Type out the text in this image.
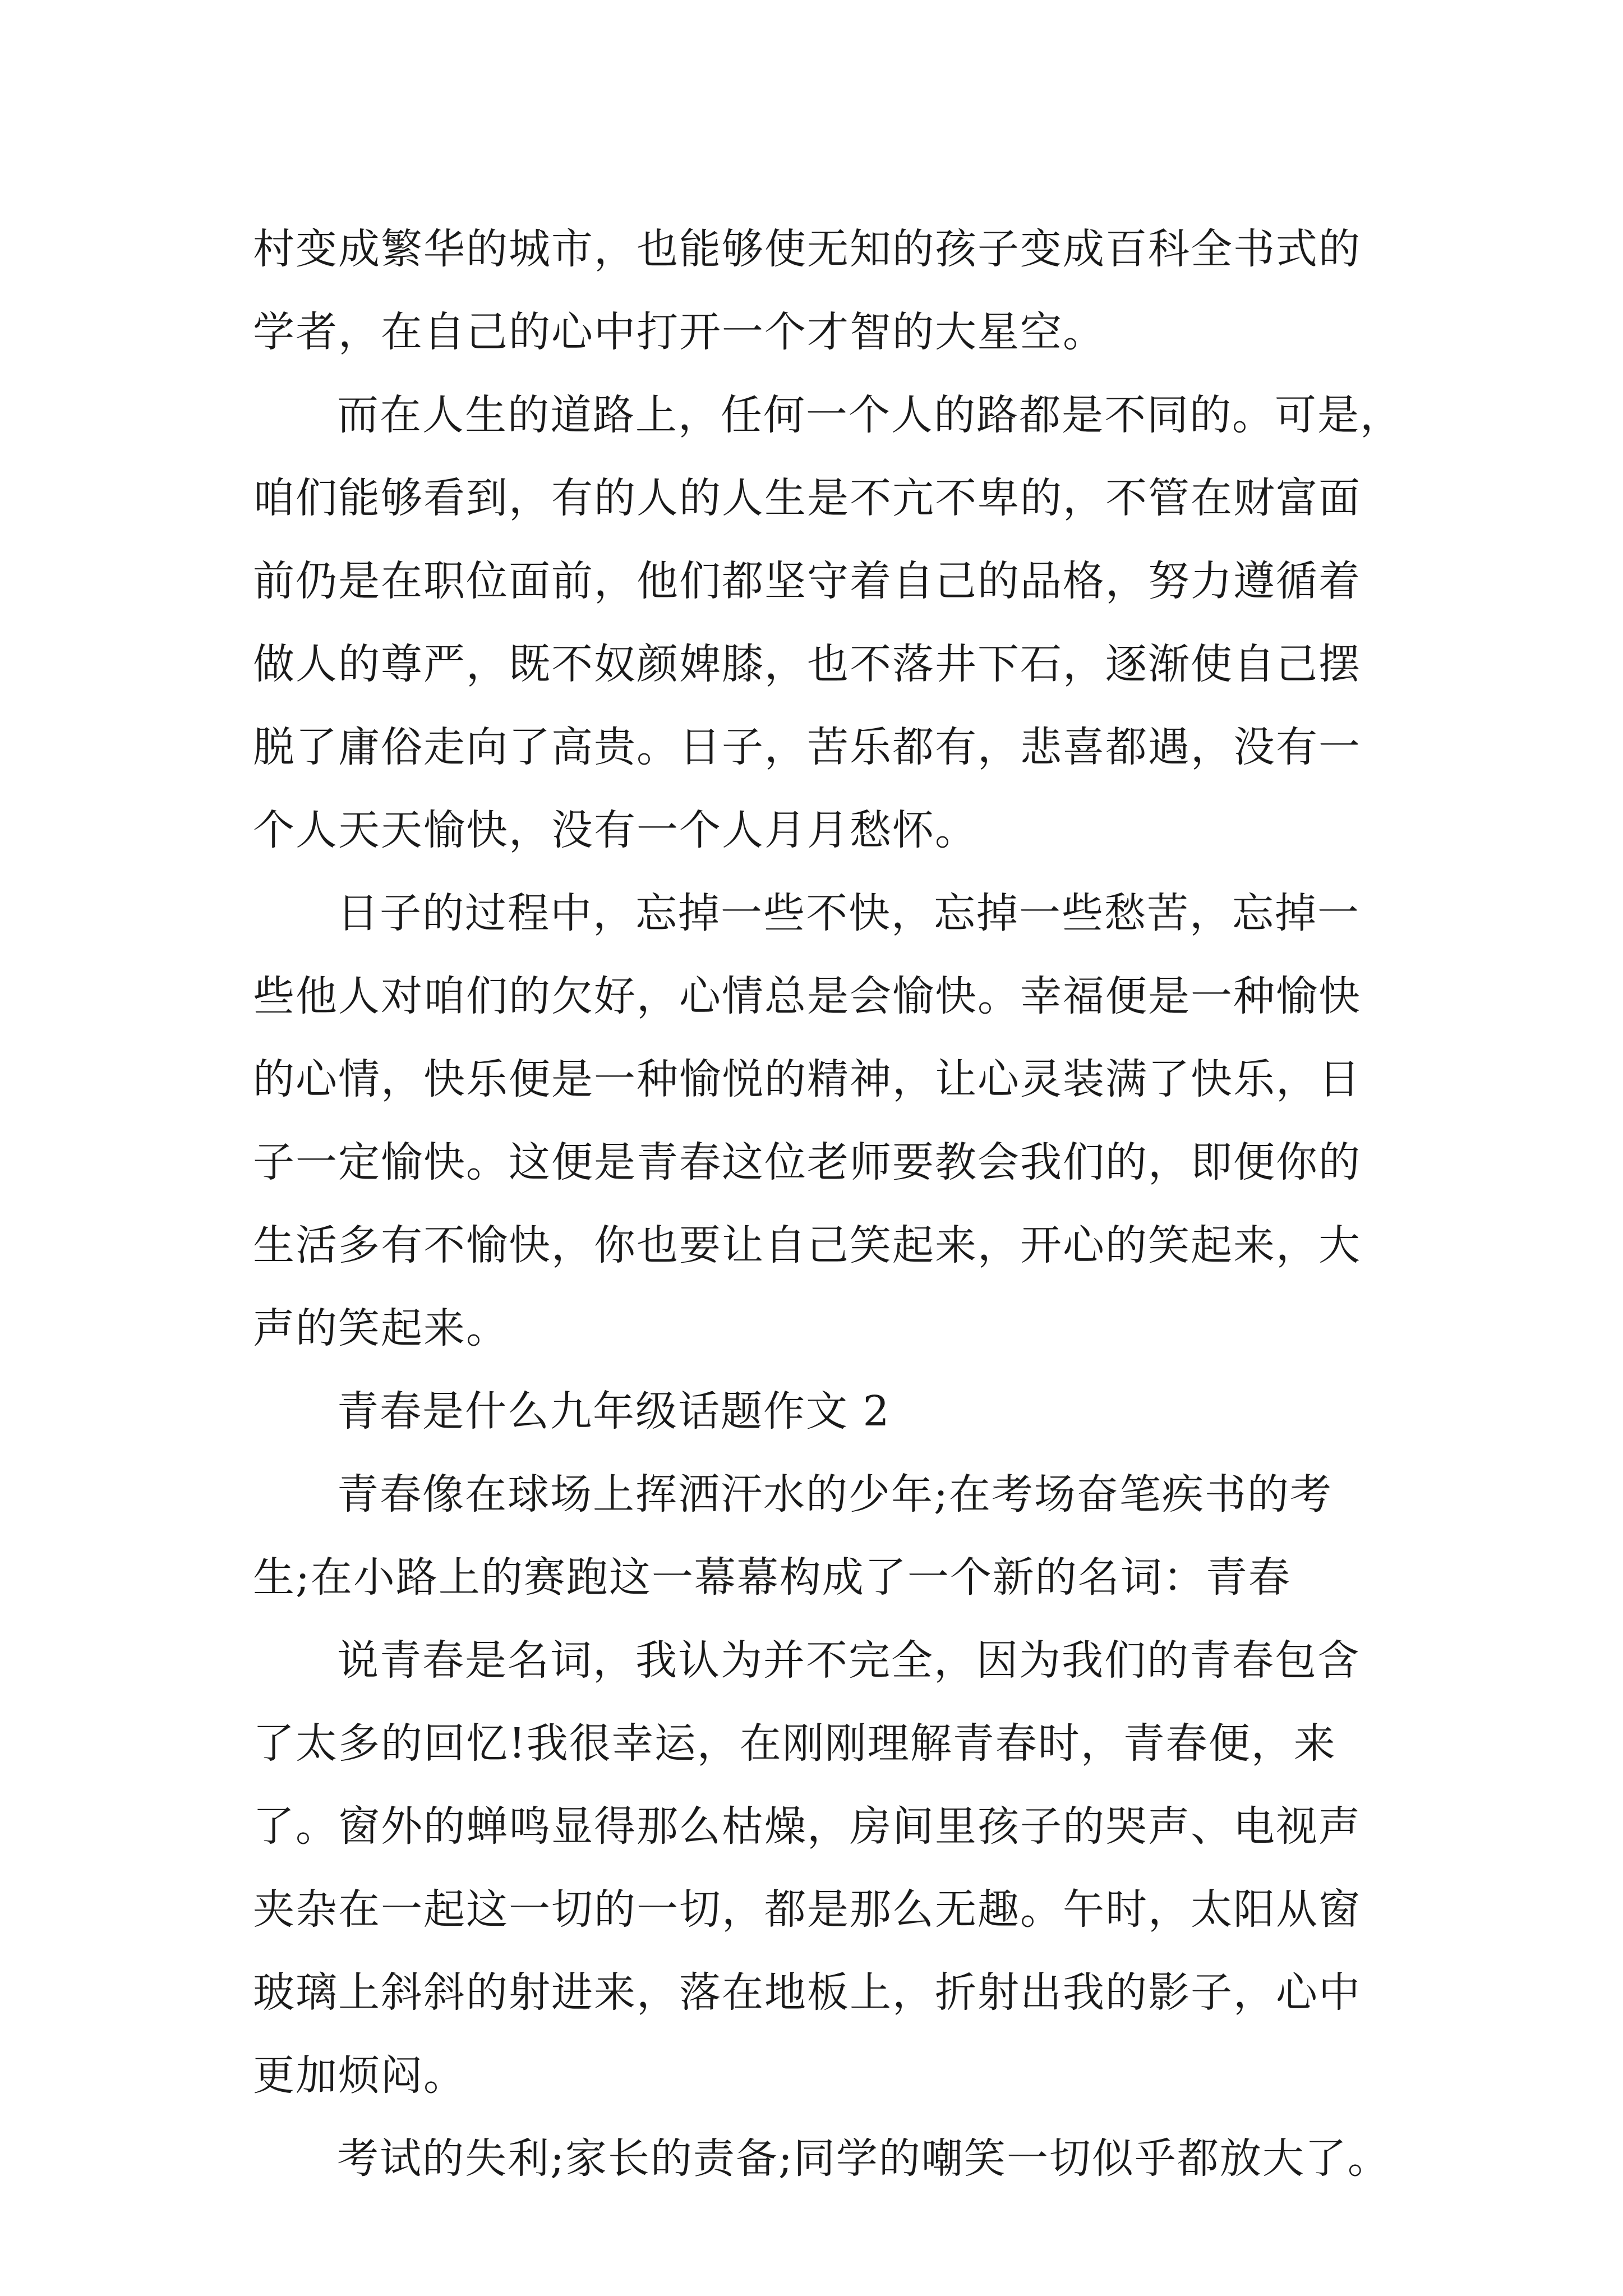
村变成繁华的城市，也能够使无知的孩子变成百科全书式的
学者，在自己的心中打开一个才智的大星空。
而在人生的道路上，任何一个人的路都是不同的。可是，
咱们能够看到，有的人的人生是不亢不卑的，不管在财富面
前仍是在职位面前，他们都坚守着自己的品格，努力遵循着
做人的尊严，既不奴颜婢膝，也不落井下石，逐渐使自己摆
脱了庸俗走向了高贵。日子，苦乐都有，悲喜都遇，没有一
个人天天愉快，没有一个人月月愁怀。
日子的过程中，忘掉一些不快，忘掉一些愁苦，忘掉一
些他人对咱们的欠好，心情总是会愉快。幸福便是一种愉快
的心情，快乐便是一种愉悦的精神，让心灵装满了快乐，日
子一定愉快。这便是青春这位老师要教会我们的，即便你的
生活多有不愉快，你也要让自己笑起来，开心的笑起来，大
声的笑起来。
青春是什么九年级话题作文 2
青春像在球场上挥洒汗水的少年;在考场奋笔疾书的考
生;在小路上的赛跑这一幕幕构成了一个新的名词：青春
说青春是名词，我认为并不完全，因为我们的青春包含
了太多的回忆!我很幸运，在刚刚理解青春时，青春便，来
了。窗外的蝉鸣显得那么枯燥，房间里孩子的哭声、电视声
夹杂在一起这一切的一切，都是那么无趣。午时，太阳从窗
玻璃上斜斜的射进来，落在地板上，折射出我的影子，心中
更加烦闷。
考试的失利;家长的责备;同学的嘲笑一切似乎都放大了。
